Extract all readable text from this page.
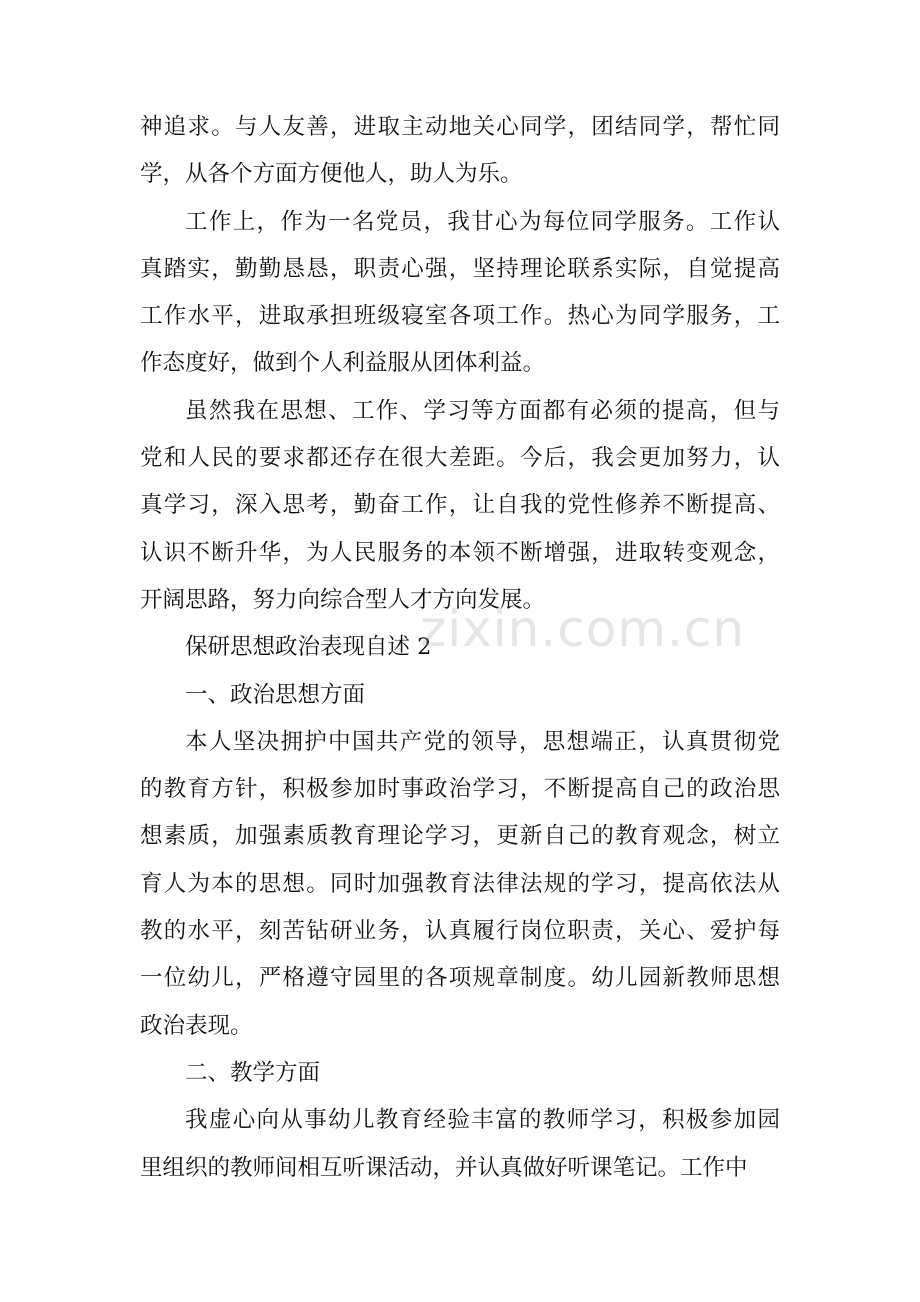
神追求。与人友善，进取主动地关心同学，团结同学，帮忙同
学，从各个方面方便他人，助人为乐。
工作上，作为一名党员，我甘心为每位同学服务。工作认
真踏实，勤勤恳恳，职责心强，坚持理论联系实际，自觉提高
工作水平，进取承担班级寝室各项工作。热心为同学服务，工
作态度好，做到个人利益服从团体利益。
虽然我在思想、工作、学习等方面都有必须的提高，但与
党和人民的要求都还存在很大差距。今后，我会更加努力，认
真学习，深入思考，勤奋工作，让自我的党性修养不断提高、
认识不断升华，为人民服务的本领不断增强，进取转变观念，
开阔思路，努力向综合型人才方向发展。
保研思想政治表现自述 2
一、政治思想方面
本人坚决拥护中国共产党的领导，思想端正，认真贯彻党
的教育方针，积极参加时事政治学习，不断提高自己的政治思
想素质，加强素质教育理论学习，更新自己的教育观念，树立
育人为本的思想。同时加强教育法律法规的学习，提高依法从
教的水平，刻苦钻研业务，认真履行岗位职责，关心、爱护每
一位幼儿，严格遵守园里的各项规章制度。幼儿园新教师思想
政治表现。
二、教学方面
我虚心向从事幼儿教育经验丰富的教师学习，积极参加园
里组织的教师间相互听课活动，并认真做好听课笔记。工作中
zixin.com.cn
